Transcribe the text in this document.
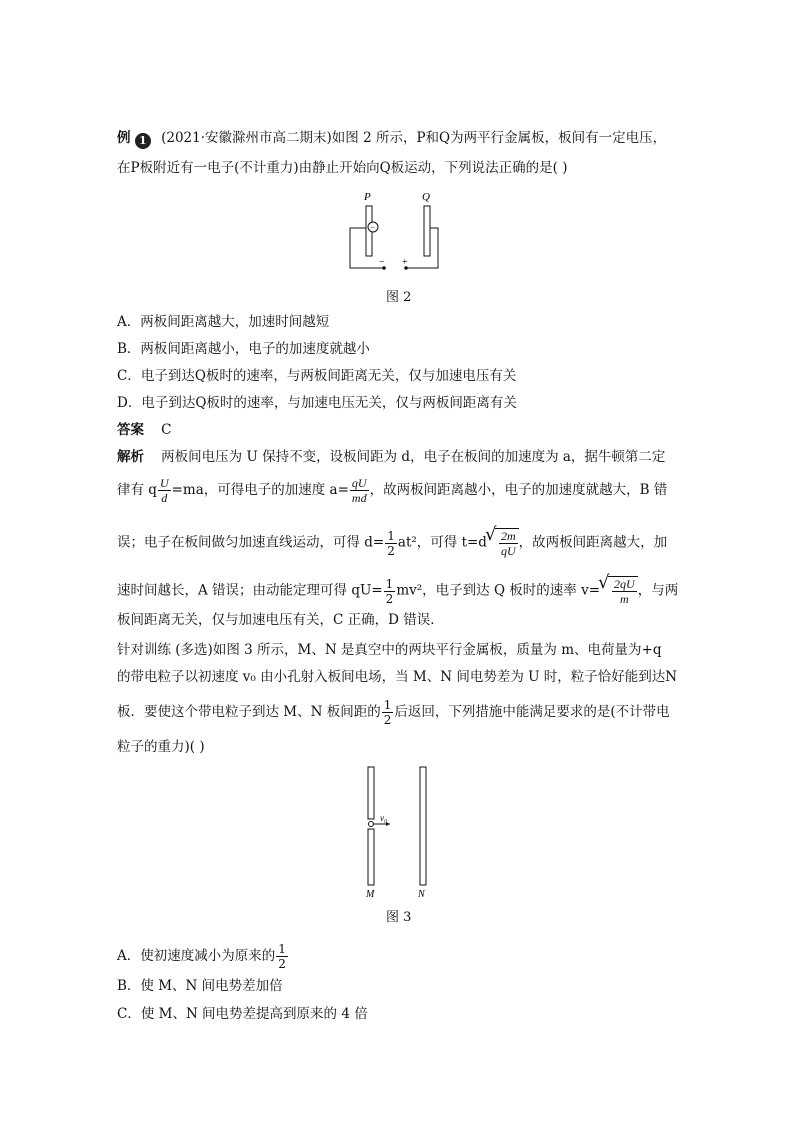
例 1 (2021·安徽滁州市高二期末)如图 2 所示，P和Q为两平行金属板，板间有一定电压，
在P板附近有一电子(不计重力)由静止开始向Q板运动，下列说法正确的是( )
P	Q
−
− +
图 2
A．两板间距离越大，加速时间越短
B．两板间距离越小，电子的加速度就越小
C．电子到达Q板时的速率，与两板间距离无关，仅与加速电压有关
D．电子到达Q板时的速率，与加速电压无关，仅与两板间距离有关
答案 C
解析 两板间电压为 U 保持不变，设板间距为 d，电子在板间的加速度为 a，据牛顿第二定
律有 q $\frac{U}{d} =ma$，可得电子的加速度 $a= \frac{qU}{md}$ ，故两板间距离越小，电子的加速度就越大，B 错
误；电子在板间做匀加速直线运动，可得 $d= \frac{1}{2} at^2$，可得 t=d √ $\frac{2m}{qU}$ ，故两板间距离越大，加
速时间越长，A 错误；由动能定理可得 $qU= \frac{1}{2} mv^2$，电子到达 Q 板时的速率 v= √ $\frac{2qU}{m}$ ，与两
板间距离无关，仅与加速电压有关，C 正确，D 错误．
针对训练 (多选)如图 3 所示，M、N 是真空中的两块平行金属板，质量为 m、电荷量为+q
的带电粒子以初速度 v₀ 由小孔射入板间电场，当 M、N 间电势差为 U 时，粒子恰好能到达N
板．要使这个带电粒子到达 M、N 板间距的 $\frac{1}{2}$ 后返回，下列措施中能满足要求的是(不计带电
粒子的重力)( )
v₀
M	N
图 3
A．使初速度减小为原来的 $\frac{1}{2}$
B．使 M、N 间电势差加倍
C．使 M、N 间电势差提高到原来的 4 倍
